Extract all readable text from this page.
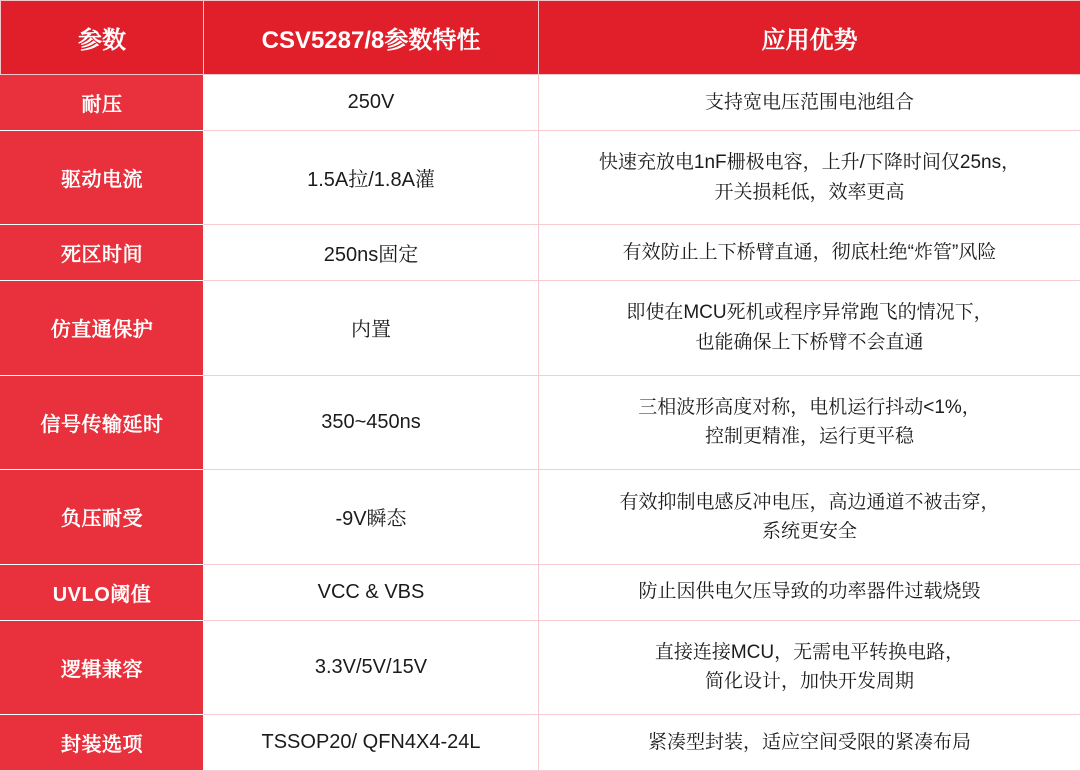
参数	CSV5287/8参数特性	应用优势
耐压	250V	支持宽电压范围电池组合

驱动电流	1.5A拉/1.8A灌	快速充放电1nF栅极电容，上升/下降时间仅25ns，
开关损耗低，效率更高

死区时间	250ns固定	有效防止上下桥臂直通，彻底杜绝“炸管”风险

仿直通保护	内置	即使在MCU死机或程序异常跑飞的情况下，
也能确保上下桥臂不会直通

信号传输延时	350~450ns	三相波形高度对称，电机运行抖动<1%，
控制更精准，运行更平稳

负压耐受	-9V瞬态	有效抑制电感反冲电压，高边通道不被击穿，
系统更安全

UVLO阈值	VCC & VBS	防止因供电欠压导致的功率器件过载烧毁

逻辑兼容	3.3V/5V/15V	直接连接MCU，无需电平转换电路，
简化设计，加快开发周期

封装选项	TSSOP20/ QFN4X4-24L	紧凑型封装，适应空间受限的紧凑布局
